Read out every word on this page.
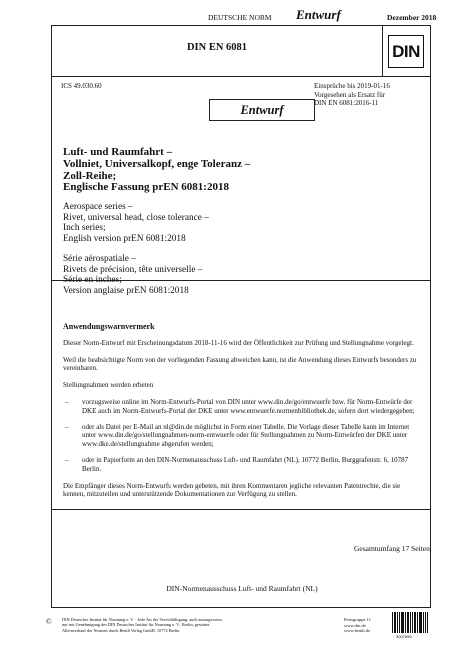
DEUTSCHE NORM Entwurf	Dezember 2018
DIN EN 6081	DIN
ICS 49.030.60	Einsprüche bis 2019-01-16
Vorgesehen als Ersatz für
DIN EN 6081:2016-11
Entwurf
Luft- und Raumfahrt –
Vollniet, Universalkopf, enge Toleranz –
Zoll-Reihe;
Englische Fassung prEN 6081:2018
Aerospace series –
Rivet, universal head, close tolerance –
Inch series;
English version prEN 6081:2018
Série aérospatiale –
Rivets de précision, tête universelle –
Série en inches;
Version anglaise prEN 6081:2018
Anwendungswarnvermerk
Dieser Norm-Entwurf mit Erscheinungsdatum 2018-11-16 wird der Öffentlichkeit zur Prüfung und Stellungnahme vorgelegt.
Weil die beabsichtigte Norm von der vorliegenden Fassung abweichen kann, ist die Anwendung dieses Entwurfs besonders zu vereinbaren.
Stellungnahmen werden erbeten
– vorzugsweise online im Norm-Entwurfs-Portal von DIN unter www.din.de/go/entwuerfe bzw. für Norm-Entwürfe der DKE auch im Norm-Entwurfs-Portal der DKE unter www.entwuerfe.normenbibliothek.de, sofern dort wiedergegeben;
– oder als Datei per E-Mail an nl@din.de möglichst in Form einer Tabelle. Die Vorlage dieser Tabelle kann im Internet unter www.din.de/go/stellungnahmen-norm-entwuerfe oder für Stellungnahmen zu Norm-Entwürfen der DKE unter www.dke.de/stellungnahme abgerufen werden;
– oder in Papierform an den DIN-Normenausschuss Luft- und Raumfahrt (NL), 10772 Berlin, Burggrafenstr. 6, 10787 Berlin.
Die Empfänger dieses Norm-Entwurfs werden gebeten, mit ihren Kommentaren jegliche relevanten Patentrechte, die sie kennen, mitzuteilen und unterstützende Dokumentationen zur Verfügung zu stellen.
Gesamtumfang 17 Seiten
DIN-Normenausschuss Luft- und Raumfahrt (NL)
© DIN Deutsches Institut für Normung e. V. · Jede Art der Vervielfältigung, auch auszugsweise,
nur mit Genehmigung des DIN Deutsches Institut für Normung e. V., Berlin, gestattet.
Alleinverkauf der Normen durch Beuth Verlag GmbH, 10772 Berlin
Preisgruppe 11
www.din.de
www.beuth.de
3007659
